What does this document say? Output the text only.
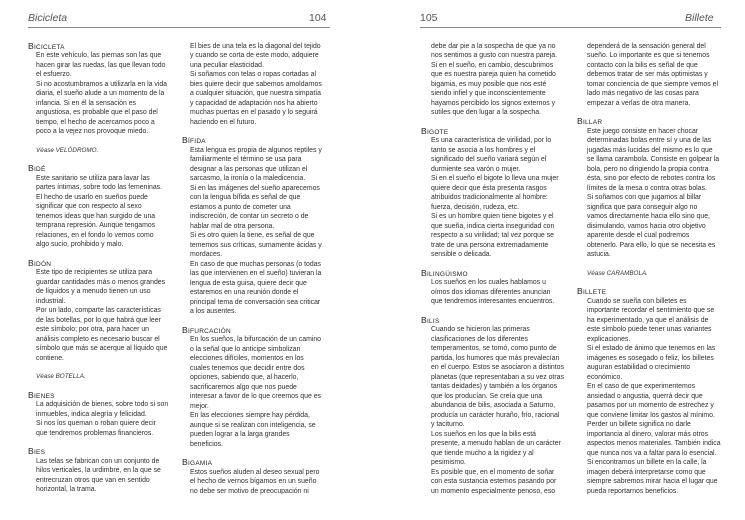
Bicicleta	104
BICICLETA
En este vehículo, las piernas son las que
hacen girar las ruedas, las que llevan todo
el esfuerzo.
Si no acostumbramos a utilizarla en la vida
diaria, el sueño alude a un momento de la
infancia. Si en él la sensación es
angustiosa, es probable que el paso del
tiempo, el hecho de acercarnos poco a
poco a la vejez nos provoque miedo.
Véase VELÓDROMO.
BIDÉ
Este sanitario se utiliza para lavar las
partes íntimas, sobre todo las femeninas.
El hecho de usarlo en sueños puede
significar que con respecto al sexo
tenemos ideas que han surgido de una
temprana represión. Aunque tengamos
relaciones, en el fondo lo vemos como
algo sucio, prohibido y malo.
BIDÓN
Este tipo de recipientes se utiliza para
guardar cantidades más o menos grandes
de líquidos y a menudo tienen un uso
industrial.
Por un lado, comparte las características
de las botellas, por lo que habrá que leer
este símbolo; por otra, para hacer un
análisis completo es necesario buscar el
símbolo que más se acerque al líquido que
contiene.
Véase BOTELLA.
BIENES
La adquisición de bienes, sobre todo si son
inmuebles, indica alegría y felicidad.
Si nos los queman o roban quiere decir
que tendremos problemas financieros.
BIES
Las telas se fabrican con un conjunto de
hilos verticales, la urdimbre, en la que se
entrecruzan otros que van en sentido
horizontal, la trama.
El bies de una tela es la diagonal del tejido
y cuando se corta de este modo, adquiere
una peculiar elasticidad.
Si soñamos con telas o ropas cortadas al
bies quiere decir que sabemos amoldarnos
a cualquier situación, que nuestra simpatía
y capacidad de adaptación nos ha abierto
muchas puertas en el pasado y lo seguirá
haciendo en el futuro.
BÍFIDA
Esta lengua es propia de algunos reptiles y
familiarmente el término se usa para
designar a las personas que utilizan el
sarcasmo, la ironía o la maledicencia.
Si en las imágenes del sueño aparecemos
con la lengua bífida es señal de que
estamos a punto de cometer una
indiscreción, de contar un secreto o de
hablar mal de otra persona.
Si es otro quien la tiene, es señal de que
tememos sus críticas, sumamente ácidas y
mordaces.
En caso de que muchas personas (o todas
las que intervienen en el sueño) tuvieran la
lengua de esta guisa, quiere decir que
estaremos en una reunión donde el
principal tema de conversación sea criticar
a los ausentes.
BIFURCACIÓN
En los sueños, la bifurcación de un camino
o la señal que lo anticipe simbolizan
elecciones difíciles, momentos en los
cuales tenemos que decidir entre dos
opciones, sabiendo que, al hacerlo,
sacrificaremos algo que nos puede
interesar a favor de lo que creemos que es
mejor.
En las elecciones siempre hay pérdida,
aunque si se realizan con inteligencia, se
pueden lograr a la larga grandes
beneficios.
BIGAMIA
Estos sueños aluden al deseo sexual pero
el hecho de vernos bígamos en un sueño
no debe ser motivo de preocupación ni
105	Billete
debe dar pie a la sospecha de que ya no
nos sentimos a gusto con nuestra pareja.
Si en el sueño, en cambio, descubrimos
que es nuestra pareja quien ha cometido
bigamia, es muy posible que nos esté
siendo infiel y que inconscientemente
hayamos percibido los signos externos y
sutiles que den lugar a la sospecha.
BIGOTE
Es una característica de virilidad, por lo
tanto se asocia a los hombres y el
significado del sueño variará según el
durmiente sea varón o mujer.
Si en el sueño el bigote lo lleva una mujer
quiere decir que ésta presenta rasgos
atribuidos tradicionalmente al hombre:
fuerza, decisión, rudeza, etc.
Si es un hombre quien tiene bigotes y el
que sueña, indica cierta inseguridad con
respecto a su virilidad; tal vez porque se
trate de una persona extremadamente
sensible o delicada.
BILINGÜISMO
Los sueños en los cuales hablamos u
oímos dos idiomas diferentes anuncian
que tendremos interesantes encuentros.
BILIS
Cuando se hicieron las primeras
clasificaciones de los diferentes
temperamentos, se tomó, como punto de
partida, los humores que más prevalecían
en el cuerpo. Estos se asociaron a distintos
planetas (que representaban a su vez otras
tantas deidades) y también a los órganos
que los producían. Se creía que una
abundancia de bilis, asociada a Saturno,
producía un carácter huraño, frío, racional
y taciturno.
Los sueños en los que la bilis está
presente, a menudo hablan de un carácter
que tiende mucho a la rigidez y al
pesimismo.
Es posible que, en el momento de soñar
con esta sustancia estemos pasando por
un momento especialmente penoso, eso
dependerá de la sensación general del
sueño. Lo importante es que si tenemos
contacto con la bilis es señal de que
debemos tratar de ser más optimistas y
tomar conciencia de que siempre vemos el
lado más negativo de las cosas para
empezar a verlas de otra manera.
BILLAR
Este juego consiste en hacer chocar
determinadas bolas entre sí y una de las
jugadas más lucidas del mismo es lo que
se llama carambola. Consiste en golpear la
bola, pero no dirigiendo la propia contra
ésta, sino por efecto de rebotes contra los
límites de la mesa o contra otras bolas.
Si soñamos con que jugamos al billar
significa que para conseguir algo no
vamos directamente hacia ello sino que,
disimulando, vamos hacia otro objetivo
aparente desde el cual podremos
obtenerlo. Para ello, lo que se necesita es
astucia.
Véase CARAMBOLA.
BILLETE
Cuando se sueña con billetes es
importante recordar el sentimiento que se
ha experimentado, ya que el análisis de
este símbolo puede tener unas variantes
explicaciones.
Si el estado de ánimo que tenemos en las
imágenes es sosegado o feliz, los billetes
auguran estabilidad o crecimiento
económico.
En el caso de que experimentemos
ansiedad o angustia, querrá decir que
pasamos por un momento de estrechez y
que conviene limitar los gastos al mínimo.
Perder un billete significa no darle
importancia al dinero, valorar más otros
aspectos menos materiales. También indica
que nunca nos va a faltar para lo esencial.
Si encontramos un billete en la calle, la
imagen deberá interpretarse como que
siempre sabremos mirar hacia el lugar que
pueda reportarnos beneficios.
